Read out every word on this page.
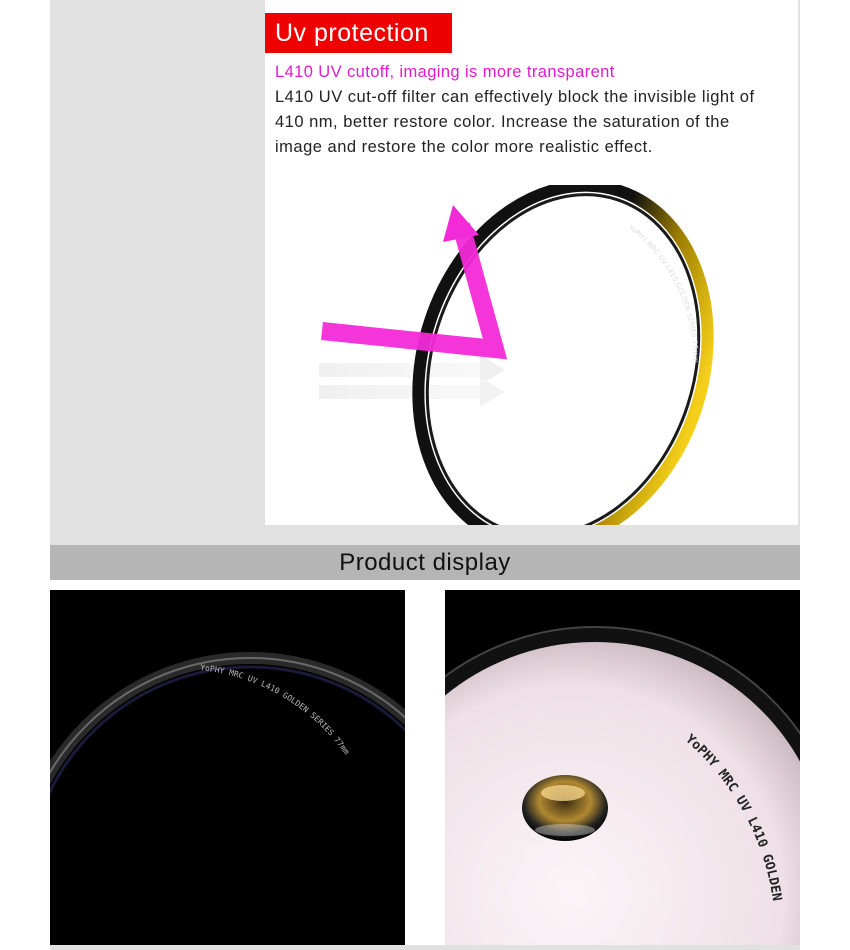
Uv protection
L410 UV cutoff, imaging is more transparent
L410 UV cut-off filter can effectively block the invisible light of 410 nm, better restore color. Increase the saturation of the image and restore the color more realistic effect.
YoPHY MRC UV L410 GOLDEN SERIES 77mm
Product display
YoPHY MRC UV L410 GOLDEN SERIES 77mm
YoPHY MRC UV L410 GOLDEN
